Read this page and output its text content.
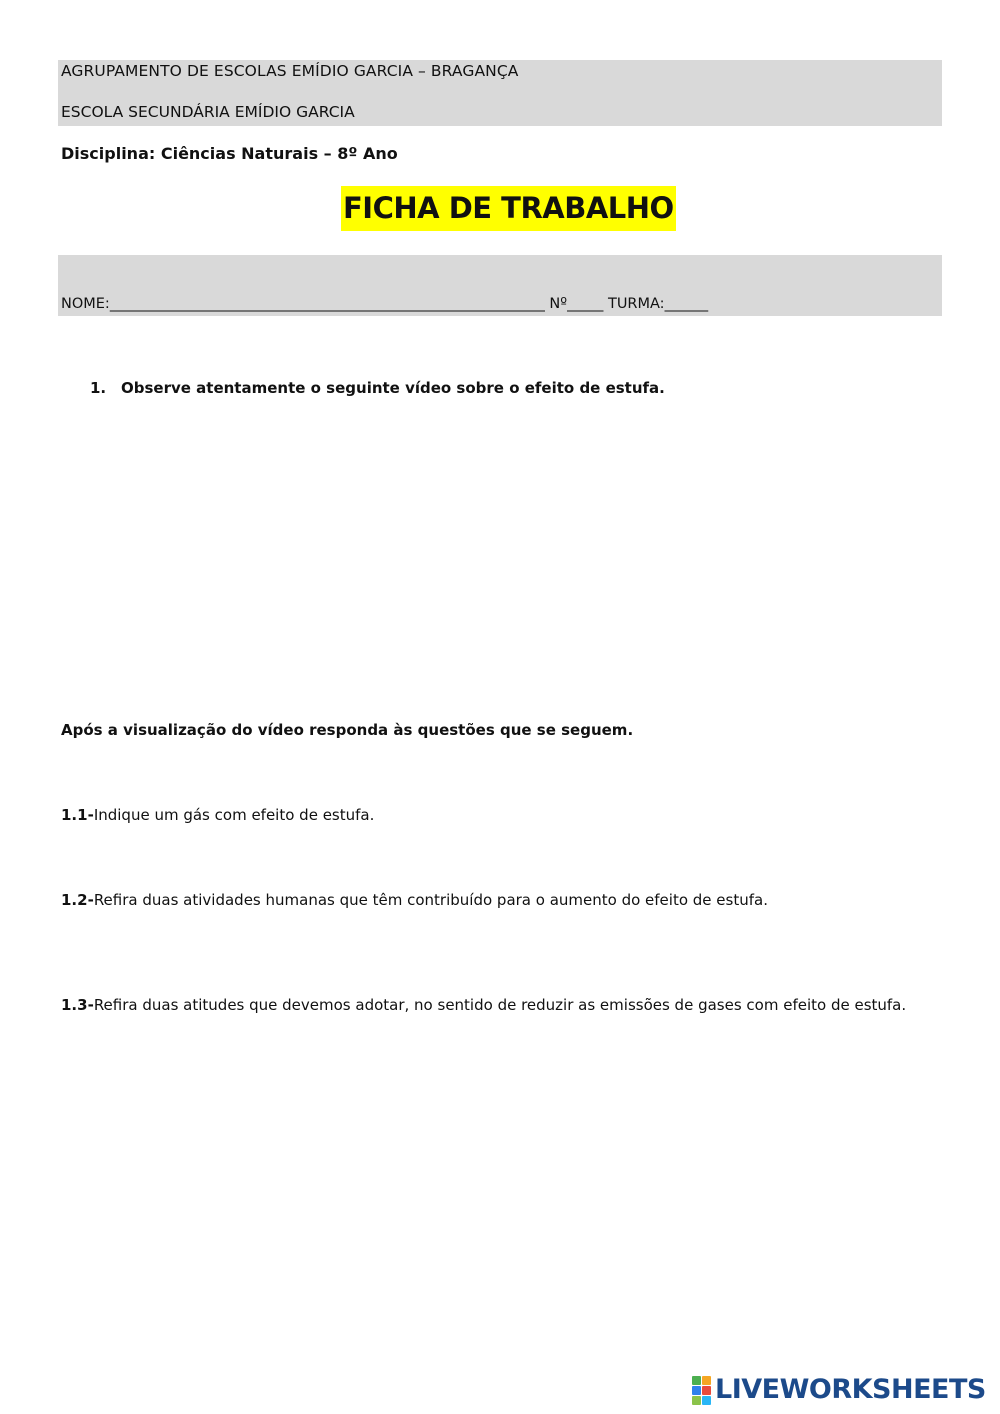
AGRUPAMENTO DE ESCOLAS EMÍDIO GARCIA – BRAGANÇA
ESCOLA SECUNDÁRIA EMÍDIO GARCIA
Disciplina: Ciências Naturais – 8º Ano
FICHA DE TRABALHO
NOME:____________________________________________________________ Nº_____ TURMA:______
1. Observe atentamente o seguinte vídeo sobre o efeito de estufa.
Após a visualização do vídeo responda às questões que se seguem.
1.1-Indique um gás com efeito de estufa.
1.2-Refira duas atividades humanas que têm contribuído para o aumento do efeito de estufa.
1.3-Refira duas atitudes que devemos adotar, no sentido de reduzir as emissões de gases com efeito de estufa.
LIVEWORKSHEETS
